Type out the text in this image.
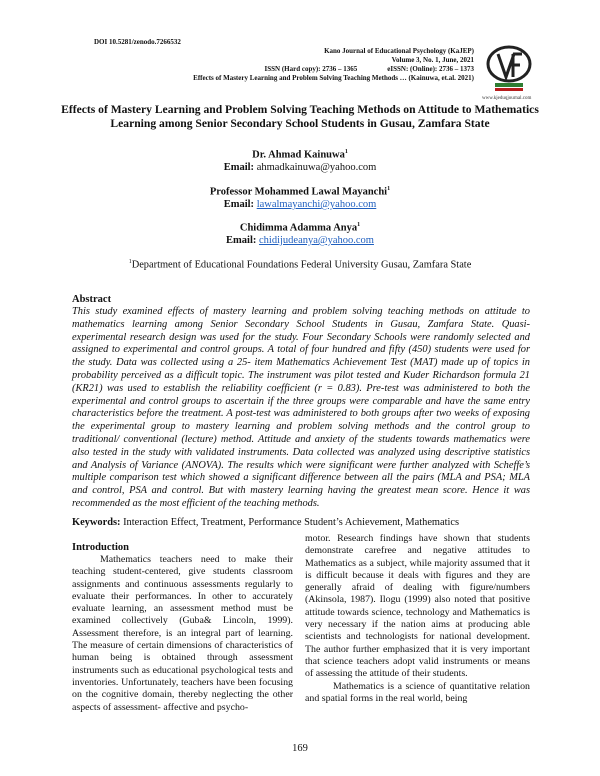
DOI 10.5281/zenodo.7266532
Kano Journal of Educational Psychology (KaJEP)
Volume 3, No. 1, June, 2021
ISSN (Hard copy): 2736 – 1365	eISSN: (Online): 2736 – 1373
Effects of Mastery Learning and Problem Solving Teaching Methods … (Kainuwa, et.al. 2021)
www.kjeduqjournal.com
Effects of Mastery Learning and Problem Solving Teaching Methods on Attitude to Mathematics
Learning among Senior Secondary School Students in Gusau, Zamfara State
Dr. Ahmad Kainuwa$^1$
Email: ahmadkainuwa@yahoo.com
Professor Mohammed Lawal Mayanchi$^1$
Email: lawalmayanchi@yahoo.com
Chidimma Adamma Anya$^1$
Email: chidijudeanya@yahoo.com
$^1$Department of Educational Foundations Federal University Gusau, Zamfara State
Abstract
This study examined effects of mastery learning and problem solving teaching methods on attitude to mathematics learning among Senior Secondary School Students in Gusau, Zamfara State. Quasi-experimental research design was used for the study. Four Secondary Schools were randomly selected and assigned to experimental and control groups. A total of four hundred and fifty (450) students were used for the study. Data was collected using a 25- item Mathematics Achievement Test (MAT) made up of topics in probability perceived as a difficult topic. The instrument was pilot tested and Kuder Richardson formula 21 (KR21) was used to establish the reliability coefficient (r = 0.83). Pre-test was administered to both the experimental and control groups to ascertain if the three groups were comparable and have the same entry characteristics before the treatment. A post-test was administered to both groups after two weeks of exposing the experimental group to mastery learning and problem solving methods and the control group to traditional/ conventional (lecture) method. Attitude and anxiety of the students towards mathematics were also tested in the study with validated instruments. Data collected was analyzed using descriptive statistics and Analysis of Variance (ANOVA). The results which were significant were further analyzed with Scheffe’s multiple comparison test which showed a significant difference between all the pairs (MLA and PSA; MLA and control, PSA and control. But with mastery learning having the greatest mean score. Hence it was recommended as the most efficient of the teaching methods.
Keywords: Interaction Effect, Treatment, Performance Student’s Achievement, Mathematics
Introduction

Mathematics teachers need to make their teaching student-centered, give students classroom assignments and continuous assessments regularly to evaluate their performances. In other to accurately evaluate learning, an assessment method must be examined collectively (Guba& Lincoln, 1999). Assessment therefore, is an integral part of learning. The measure of certain dimensions of characteristics of human being is obtained through assessment instruments such as educational psychological tests and inventories. Unfortunately, teachers have been focusing on the cognitive domain, thereby neglecting the other aspects of assessment- affective and psycho-

motor. Research findings have shown that students demonstrate carefree and negative attitudes to Mathematics as a subject, while majority assumed that it is difficult because it deals with figures and they are generally afraid of dealing with figure/numbers (Akinsola, 1987). Ilogu (1999) also noted that positive attitude towards science, technology and Mathematics is very necessary if the nation aims at producing able scientists and technologists for national development. The author further emphasized that it is very important that science teachers adopt valid instruments or means of assessing the attitude of their students.

Mathematics is a science of quantitative relation and spatial forms in the real world, being

169
